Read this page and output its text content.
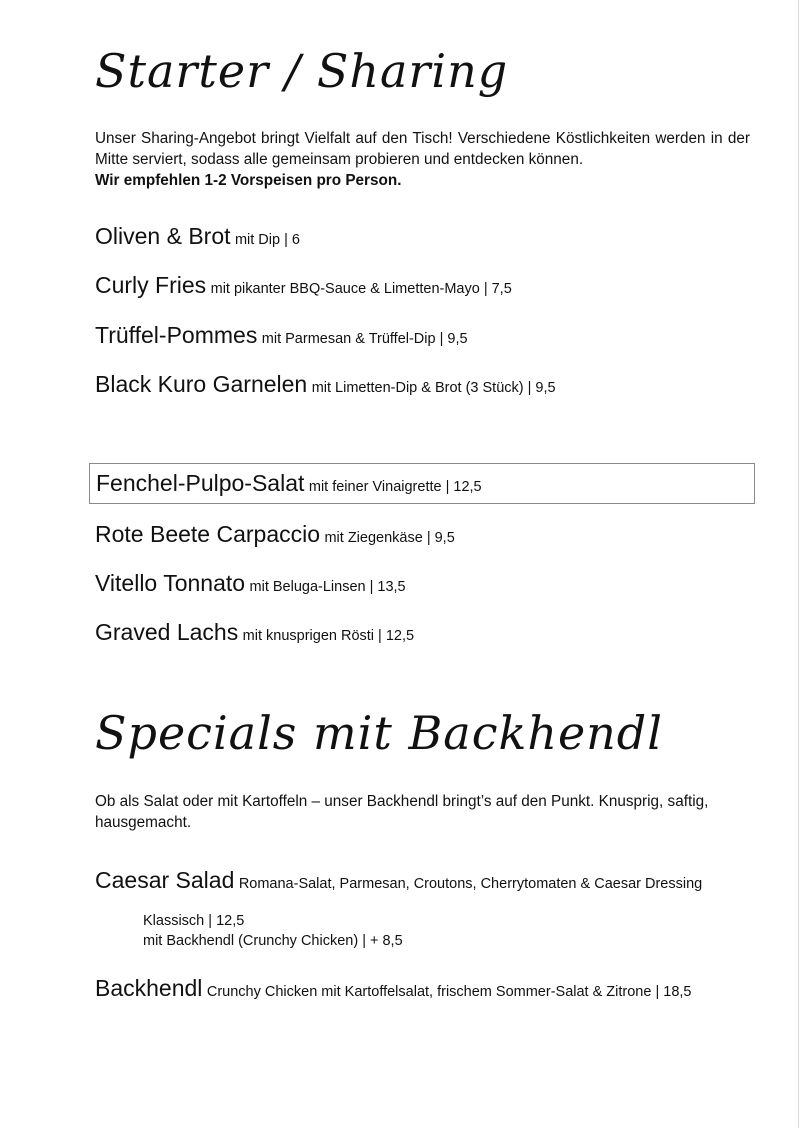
Starter / Sharing

Unser Sharing-Angebot bringt Vielfalt auf den Tisch! Verschiedene Köstlichkeiten werden in der Mitte serviert, sodass alle gemeinsam probieren und entdecken können.
Wir empfehlen 1-2 Vorspeisen pro Person.

Oliven & Brot mit Dip | 6
Curly Fries mit pikanter BBQ-Sauce & Limetten-Mayo | 7,5
Trüffel-Pommes mit Parmesan & Trüffel-Dip | 9,5
Black Kuro Garnelen mit Limetten-Dip & Brot (3 Stück) | 9,5
Fenchel-Pulpo-Salat mit feiner Vinaigrette | 12,5
Rote Beete Carpaccio mit Ziegenkäse | 9,5
Vitello Tonnato mit Beluga-Linsen | 13,5
Graved Lachs mit knusprigen Rösti | 12,5
Specials mit Backhendl

Ob als Salat oder mit Kartoffeln – unser Backhendl bringt’s auf den Punkt. Knusprig, saftig, hausgemacht.

Caesar Salad Romana-Salat, Parmesan, Croutons, Cherrytomaten & Caesar Dressing
Klassisch | 12,5
mit Backhendl (Crunchy Chicken) | + 8,5
Backhendl Crunchy Chicken mit Kartoffelsalat, frischem Sommer-Salat & Zitrone | 18,5
